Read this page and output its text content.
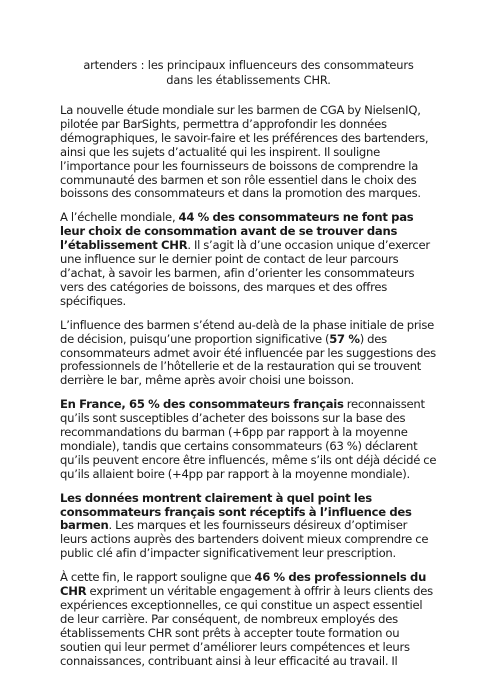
artenders : les principaux influenceurs des consommateurs
dans les établissements CHR.

La nouvelle étude mondiale sur les barmen de CGA by NielsenIQ, pilotée par BarSights, permettra d’approfondir les données démographiques, le savoir-faire et les préférences des bartenders, ainsi que les sujets d’actualité qui les inspirent. Il souligne l’importance pour les fournisseurs de boissons de comprendre la communauté des barmen et son rôle essentiel dans le choix des boissons des consommateurs et dans la promotion des marques.

A l’échelle mondiale, 44 % des consommateurs ne font pas leur choix de consommation avant de se trouver dans l’établissement CHR. Il s’agit là d’une occasion unique d’exercer une influence sur le dernier point de contact de leur parcours d’achat, à savoir les barmen, afin d’orienter les consommateurs vers des catégories de boissons, des marques et des offres spécifiques.

L’influence des barmen s’étend au-delà de la phase initiale de prise de décision, puisqu’une proportion significative (57 %) des consommateurs admet avoir été influencée par les suggestions des professionnels de l’hôtellerie et de la restauration qui se trouvent derrière le bar, même après avoir choisi une boisson.

En France, 65 % des consommateurs français reconnaissent qu’ils sont susceptibles d’acheter des boissons sur la base des recommandations du barman (+6pp par rapport à la moyenne mondiale), tandis que certains consommateurs (63 %) déclarent qu’ils peuvent encore être influencés, même s’ils ont déjà décidé ce qu’ils allaient boire (+4pp par rapport à la moyenne mondiale).

Les données montrent clairement à quel point les consommateurs français sont réceptifs à l’influence des barmen. Les marques et les fournisseurs désireux d’optimiser leurs actions auprès des bartenders doivent mieux comprendre ce public clé afin d’impacter significativement leur prescription.

À cette fin, le rapport souligne que 46 % des professionnels du CHR expriment un véritable engagement à offrir à leurs clients des expériences exceptionnelles, ce qui constitue un aspect essentiel de leur carrière. Par conséquent, de nombreux employés des établissements CHR sont prêts à accepter toute formation ou soutien qui leur permet d’améliorer leurs compétences et leurs connaissances, contribuant ainsi à leur efficacité au travail. Il
